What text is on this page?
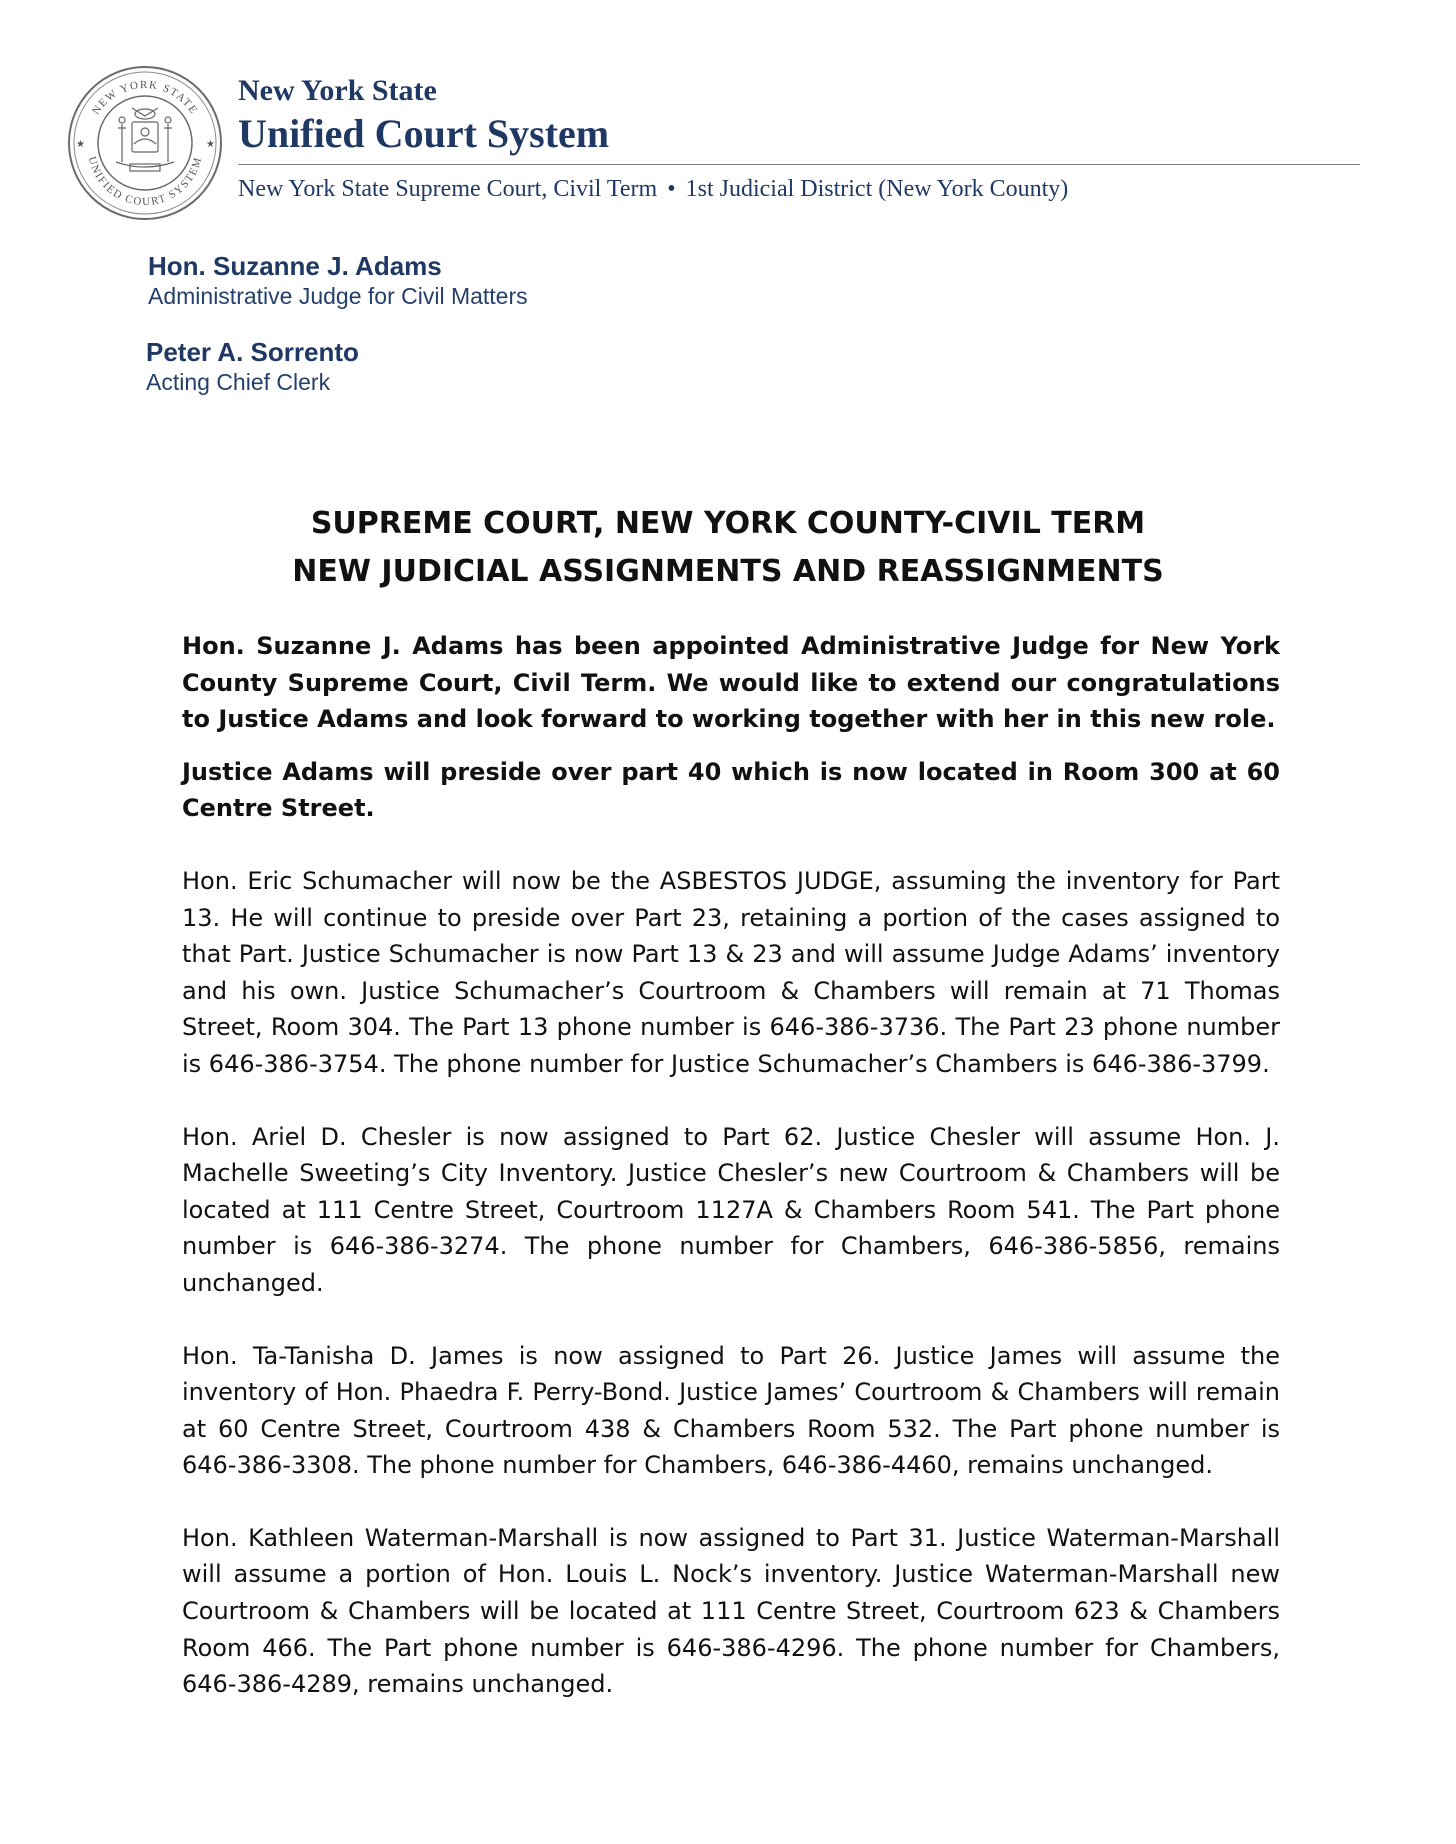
NEW YORK STATE
UNIFIED COURT SYSTEM
★	★
New York State
Unified Court System
New York State Supreme Court, Civil Term • 1st Judicial District (New York County)
Hon. Suzanne J. Adams
Administrative Judge for Civil Matters
Peter A. Sorrento
Acting Chief Clerk
SUPREME COURT, NEW YORK COUNTY-CIVIL TERM
NEW JUDICIAL ASSIGNMENTS AND REASSIGNMENTS

Hon. Suzanne J. Adams has been appointed Administrative Judge for New York County Supreme Court, Civil Term. We would like to extend our congratulations to Justice Adams and look forward to working together with her in this new role.

Justice Adams will preside over part 40 which is now located in Room 300 at 60 Centre Street.

Hon. Eric Schumacher will now be the ASBESTOS JUDGE, assuming the inventory for Part 13. He will continue to preside over Part 23, retaining a portion of the cases assigned to that Part. Justice Schumacher is now Part 13 & 23 and will assume Judge Adams’ inventory and his own. Justice Schumacher’s Courtroom & Chambers will remain at 71 Thomas Street, Room 304. The Part 13 phone number is 646-386-3736. The Part 23 phone number is 646-386-3754. The phone number for Justice Schumacher’s Chambers is 646-386-3799.

Hon. Ariel D. Chesler is now assigned to Part 62. Justice Chesler will assume Hon. J. Machelle Sweeting’s City Inventory. Justice Chesler’s new Courtroom & Chambers will be located at 111 Centre Street, Courtroom 1127A & Chambers Room 541. The Part phone number is 646-386-3274. The phone number for Chambers, 646-386-5856, remains unchanged.

Hon. Ta-Tanisha D. James is now assigned to Part 26. Justice James will assume the inventory of Hon. Phaedra F. Perry-Bond. Justice James’ Courtroom & Chambers will remain at 60 Centre Street, Courtroom 438 & Chambers Room 532. The Part phone number is 646-386-3308. The phone number for Chambers, 646-386-4460, remains unchanged.

Hon. Kathleen Waterman-Marshall is now assigned to Part 31. Justice Waterman-Marshall will assume a portion of Hon. Louis L. Nock’s inventory. Justice Waterman-Marshall new Courtroom & Chambers will be located at 111 Centre Street, Courtroom 623 & Chambers Room 466. The Part phone number is 646-386-4296. The phone number for Chambers, 646-386-4289, remains unchanged.
